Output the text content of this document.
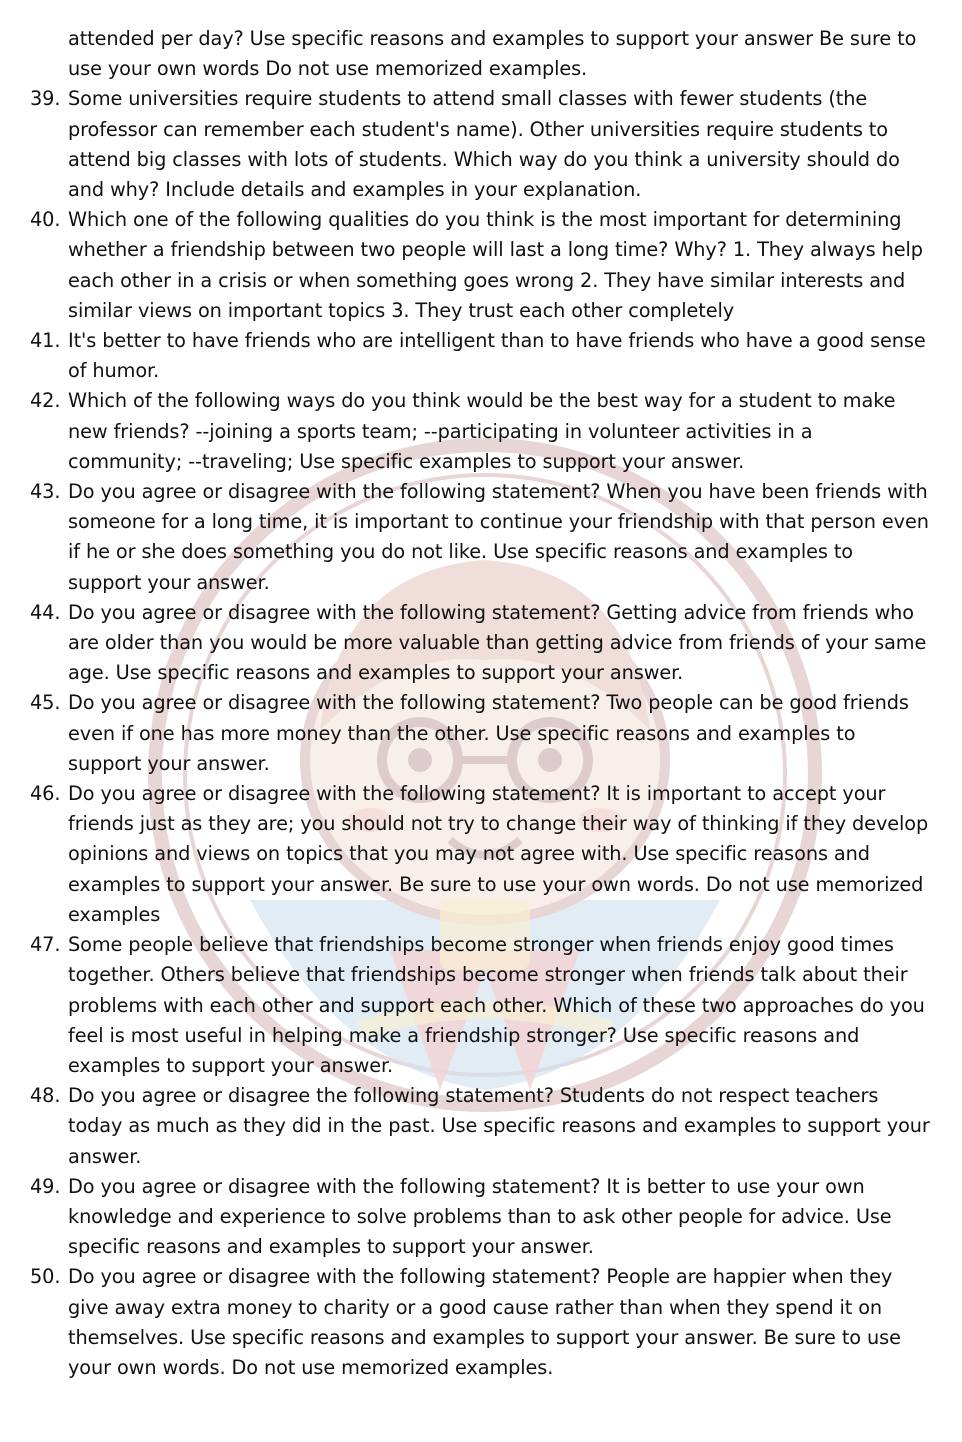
attended per day? Use specific reasons and examples to support your answer Be sure to use your own words Do not use memorized examples.

39. Some universities require students to attend small classes with fewer students (the professor can remember each student's name). Other universities require students to attend big classes with lots of students. Which way do you think a university should do and why? Include details and examples in your explanation.
40. Which one of the following qualities do you think is the most important for determining whether a friendship between two people will last a long time? Why? 1. They always help each other in a crisis or when something goes wrong 2. They have similar interests and similar views on important topics 3. They trust each other completely
41. It's better to have friends who are intelligent than to have friends who have a good sense of humor.
42. Which of the following ways do you think would be the best way for a student to make new friends? --joining a sports team; --participating in volunteer activities in a community; --traveling; Use specific examples to support your answer.
43. Do you agree or disagree with the following statement? When you have been friends with someone for a long time, it is important to continue your friendship with that person even if he or she does something you do not like. Use specific reasons and examples to support your answer.
44. Do you agree or disagree with the following statement? Getting advice from friends who are older than you would be more valuable than getting advice from friends of your same age. Use specific reasons and examples to support your answer.
45. Do you agree or disagree with the following statement? Two people can be good friends even if one has more money than the other. Use specific reasons and examples to support your answer.
46. Do you agree or disagree with the following statement? It is important to accept your friends just as they are; you should not try to change their way of thinking if they develop opinions and views on topics that you may not agree with. Use specific reasons and examples to support your answer. Be sure to use your own words. Do not use memorized examples
47. Some people believe that friendships become stronger when friends enjoy good times together. Others believe that friendships become stronger when friends talk about their problems with each other and support each other. Which of these two approaches do you feel is most useful in helping make a friendship stronger? Use specific reasons and examples to support your answer.
48. Do you agree or disagree the following statement? Students do not respect teachers today as much as they did in the past. Use specific reasons and examples to support your answer.
49. Do you agree or disagree with the following statement? It is better to use your own knowledge and experience to solve problems than to ask other people for advice. Use specific reasons and examples to support your answer.
50. Do you agree or disagree with the following statement? People are happier when they give away extra money to charity or a good cause rather than when they spend it on themselves. Use specific reasons and examples to support your answer. Be sure to use your own words. Do not use memorized examples.
